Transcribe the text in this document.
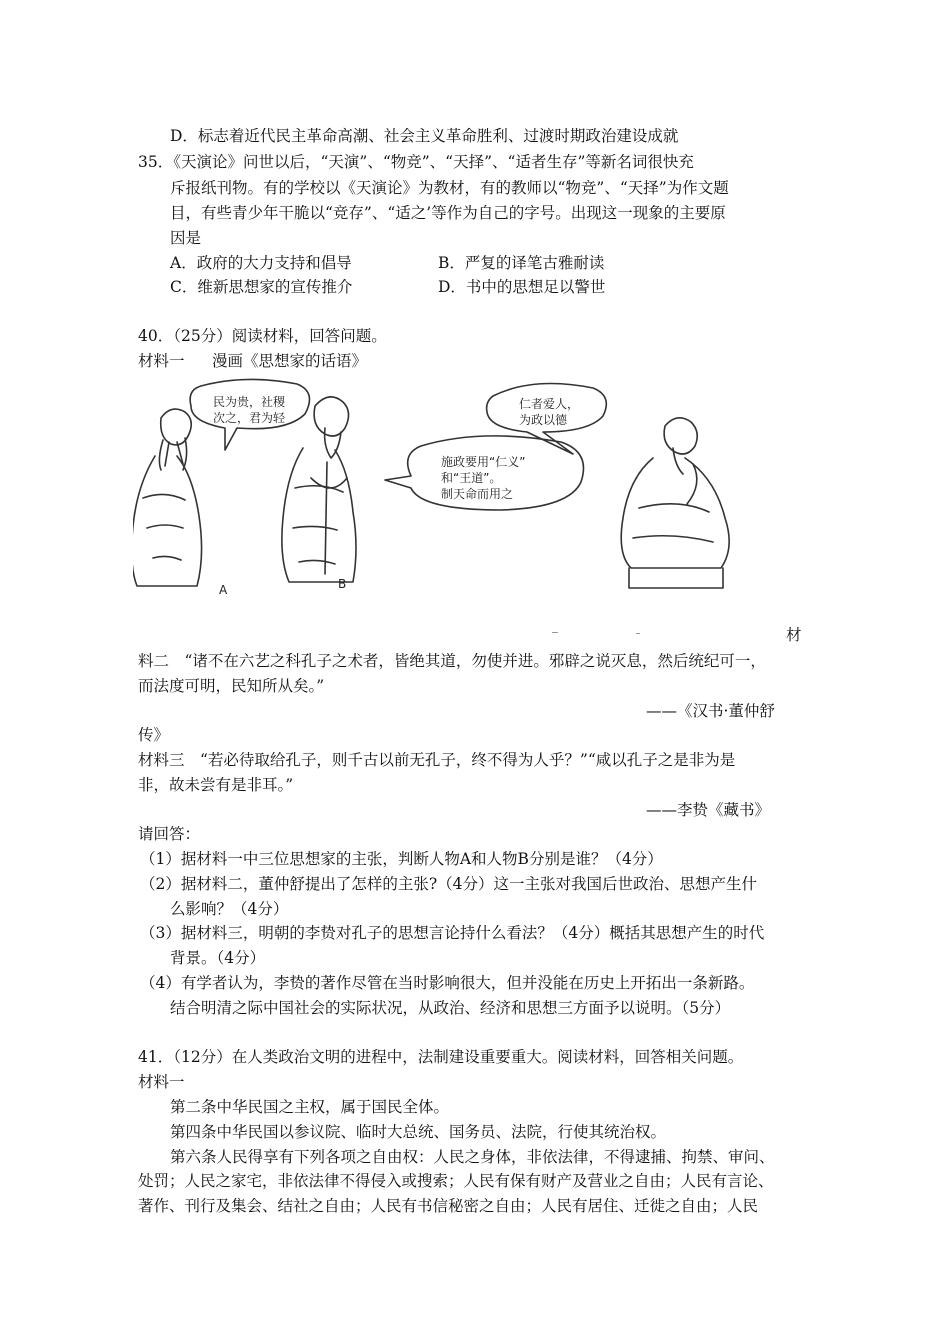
D．标志着近代民主革命高潮、社会主义革命胜利、过渡时期政治建设成就
35．《天演论》问世以后，“天演”、“物竞”、“天择”、“适者生存”等新名词很快充
斥报纸刊物。有的学校以《天演论》为教材，有的教师以“物竞”、“天择”为作文题
目，有些青少年干脆以“竞存”、“适之’等作为自己的字号。出现这一现象的主要原
因是
A．政府的大力支持和倡导	B．严复的译笔古雅耐读
C．维新思想家的宣传推介	D．书中的思想足以警世
40．（25分）阅读材料，回答问题。
材料一 漫画《思想家的话语》
民为贵，社稷
次之，君为轻
施政要用“仁义”
和“王道”。
制天命而用之
仁者爱人，
为政以德
A	B
材
料二　“诸不在六艺之科孔子之术者，皆绝其道，勿使并进。邪辟之说灭息，然后统纪可一，
而法度可明，民知所从矣。”
——《汉书·董仲舒
传》
材料三　“若必待取给孔子，则千古以前无孔子，终不得为人乎？”“咸以孔子之是非为是
非，故未尝有是非耳。”
——李贽《藏书》
请回答：
（1）据材料一中三位思想家的主张，判断人物A和人物B分别是谁？（4分）
（2）据材料二，董仲舒提出了怎样的主张?（4分）这一主张对我国后世政治、思想产生什
么影响？（4分）
（3）据材料三，明朝的李贽对孔子的思想言论持什么看法？（4分）概括其思想产生的时代
背景。（4分）
（4）有学者认为，李贽的著作尽管在当时影响很大，但并没能在历史上开拓出一条新路。
结合明清之际中国社会的实际状况，从政治、经济和思想三方面予以说明。（5分）
41．（12分）在人类政治文明的进程中，法制建设重要重大。阅读材料，回答相关问题。
材料一
第二条中华民国之主权，属于国民全体。
第四条中华民国以参议院、临时大总统、国务员、法院，行使其统治权。
第六条人民得享有下列各项之自由权：人民之身体，非依法律，不得逮捕、拘禁、审问、
处罚；人民之家宅，非依法律不得侵入或搜索；人民有保有财产及营业之自由；人民有言论、
著作、刊行及集会、结社之自由；人民有书信秘密之自由；人民有居住、迁徙之自由；人民
